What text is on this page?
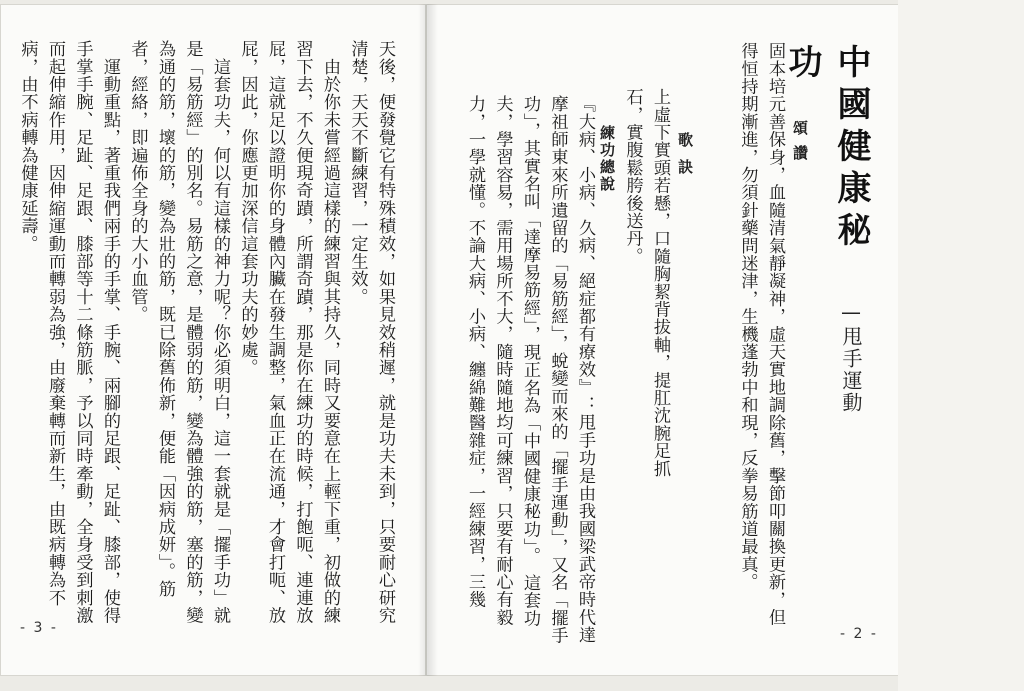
天後，便發覺它有特殊積效，如果見效稍遲，就是功夫未到，只要耐心研究清楚，天天不斷練習，一定生效。

　由於你未嘗經過這樣的練習與其持久，同時又要意在上輕下重，初做的練習下去，不久便現奇蹟，所謂奇蹟，那是你在練功的時候，打飽呃、連連放屁，這就足以證明你的身體內臟在發生調整，氣血正在流通，才會打呃、放屁，因此，你應更加深信這套功夫的妙處。

　這套功夫，何以有這樣的神力呢？你必須明白，這一套就是「擺手功」就是「易筋經」的別名。易筋之意，是體弱的筋，變為體強的筋，塞的筋，變為通的筋，壞的筋，變為壯的筋，既已除舊佈新，便能「因病成妍」。筋者，經絡，即遍佈全身的大小血管。

　運動重點，著重我們兩手的手掌、手腕、兩腳的足跟、足趾、膝部，使得手掌手腕、足趾、足跟、膝部等十二條筋脈，予以同時牽動，全身受到刺激而起伸縮作用，因伸縮運動而轉弱為強，由廢棄轉而新生，由既病轉為不病，由不病轉為健康延壽。

- 3 -
中國健康秘功
—甩手運動
頌讚

固本培元善保身，血隨清氣靜凝神，虛天實地調除舊，擊節叩關換更新，但得恒持期漸進，勿須針藥問迷津，生機蓬勃中和現，反拳易筋道最真。

歌訣

上虛下實頭若懸，口隨胸絜背拔軸，提肛沈腕足抓石，實腹鬆胯後送丹。

練功總說

『大病、小病、久病、絕症都有療效』：甩手功是由我國梁武帝時代達摩祖師東來所遺留的「易筋經」，蛻變而來的「擺手運動」，又名「擺手功」，其實名叫「達摩易筋經」，現正名為「中國健康秘功」。　這套功夫，學習容易，需用場所不大，隨時隨地均可練習，只要有耐心有毅力，一學就懂。不論大病、小病、纏綿難醫雜症，一經練習，三幾

- 2 -
